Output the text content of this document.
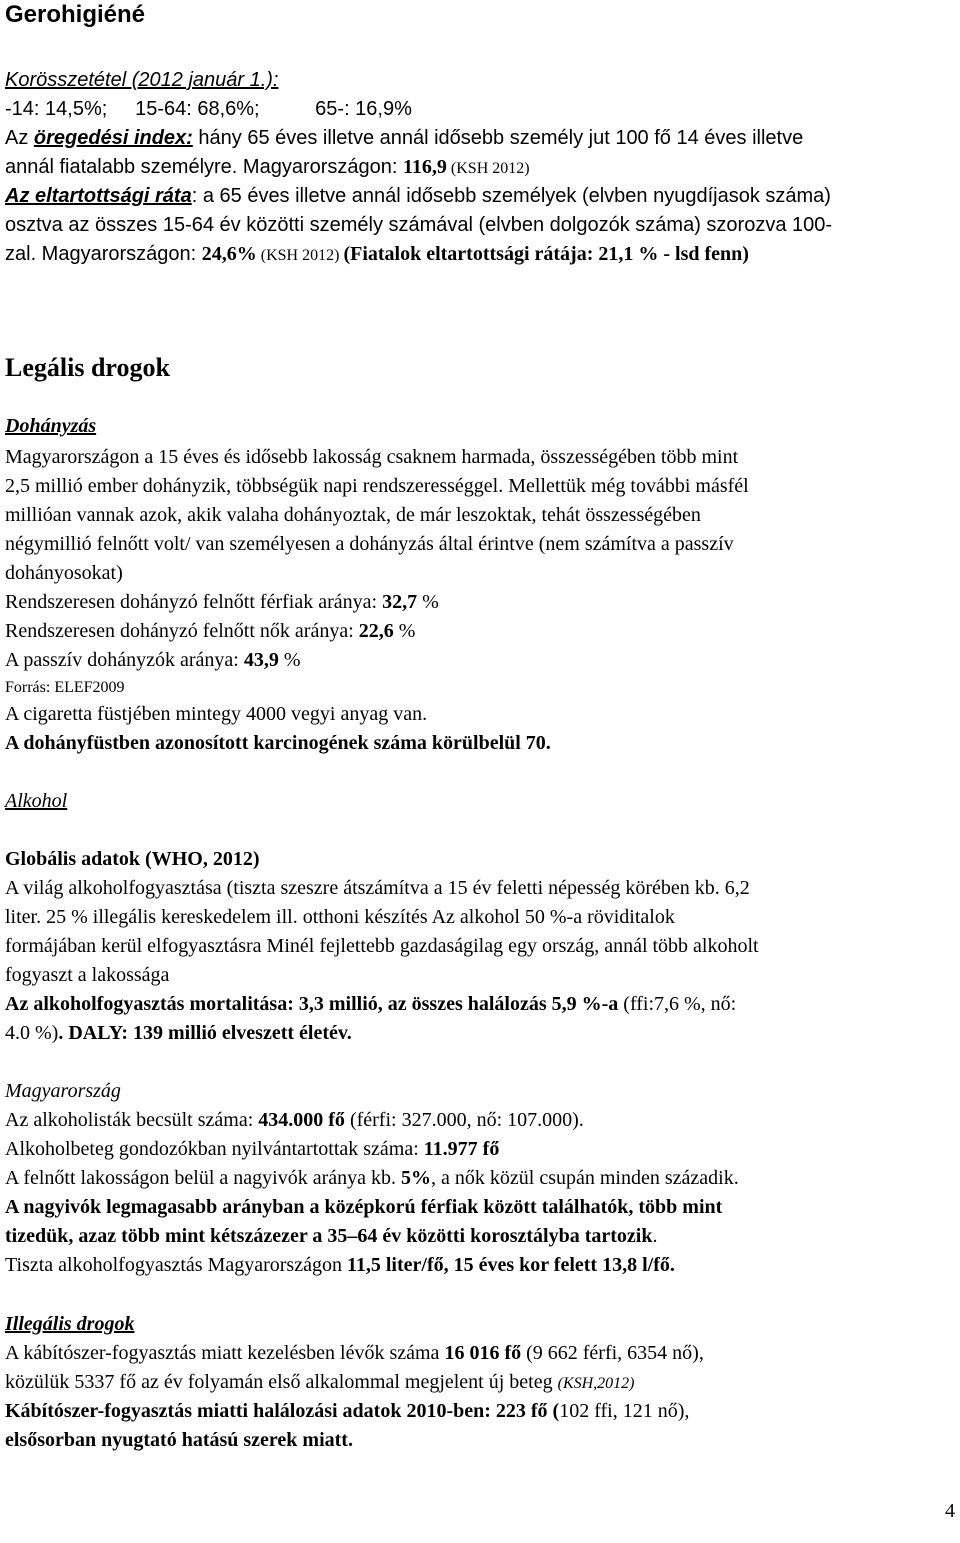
Gerohigiéné
Korösszetétel (2012 január 1.):
-14: 14,5%;     15-64: 68,6%;          65-: 16,9%
Az öregedési index: hány 65 éves illetve annál idősebb személy jut 100 fő 14 éves illetve
annál fiatalabb személyre. Magyarországon: 116,9 (KSH 2012)
Az eltartottsági ráta: a 65 éves illetve annál idősebb személyek (elvben nyugdíjasok száma)
osztva az összes 15-64 év közötti személy számával (elvben dolgozók száma) szorozva 100-
zal. Magyarországon: 24,6% (KSH 2012) (Fiatalok eltartottsági rátája: 21,1 % - lsd fenn)
Legális drogok
Dohányzás
Magyarországon a 15 éves és idősebb lakosság csaknem harmada, összességében több mint
2,5 millió ember dohányzik, többségük napi rendszerességgel. Mellettük még további másfél
millióan vannak azok, akik valaha dohányoztak, de már leszoktak, tehát összességében
négymillió felnőtt volt/ van személyesen a dohányzás által érintve (nem számítva a passzív
dohányosokat)
Rendszeresen dohányzó felnőtt férfiak aránya: 32,7 %
Rendszeresen dohányzó felnőtt nők aránya: 22,6 %
A passzív dohányzók aránya: 43,9 %
Forrás: ELEF2009
A cigaretta füstjében mintegy 4000 vegyi anyag van.
A dohányfüstben azonosított karcinogének száma körülbelül 70.
Alkohol
Globális adatok (WHO, 2012)
A világ alkoholfogyasztása (tiszta szeszre átszámítva a 15 év feletti népesség körében kb. 6,2
liter. 25 % illegális kereskedelem ill. otthoni készítés Az alkohol 50 %-a röviditalok
formájában kerül elfogyasztásra Minél fejlettebb gazdaságilag egy ország, annál több alkoholt
fogyaszt a lakossága
Az alkoholfogyasztás mortalitása: 3,3 millió, az összes halálozás 5,9 %-a (ffi:7,6 %, nő:
4.0 %). DALY: 139 millió elveszett életév.
Magyarország
Az alkoholisták becsült száma: 434.000 fő (férfi: 327.000, nő: 107.000).
Alkoholbeteg gondozókban nyilvántartottak száma: 11.977 fő
A felnőtt lakosságon belül a nagyivók aránya kb. 5%, a nők közül csupán minden századik.
A nagyivók legmagasabb arányban a középkorú férfiak között találhatók, több mint
tizedük, azaz több mint kétszázezer a 35–64 év közötti korosztályba tartozik.
Tiszta alkoholfogyasztás Magyarországon 11,5 liter/fő, 15 éves kor felett 13,8 l/fő.
Illegális drogok
A kábítószer-fogyasztás miatt kezelésben lévők száma 16 016 fő (9 662 férfi, 6354 nő),
közülük 5337 fő az év folyamán első alkalommal megjelent új beteg (KSH,2012)
Kábítószer-fogyasztás miatti halálozási adatok 2010-ben: 223 fő (102 ffi, 121 nő),
elsősorban nyugtató hatású szerek miatt.
4
